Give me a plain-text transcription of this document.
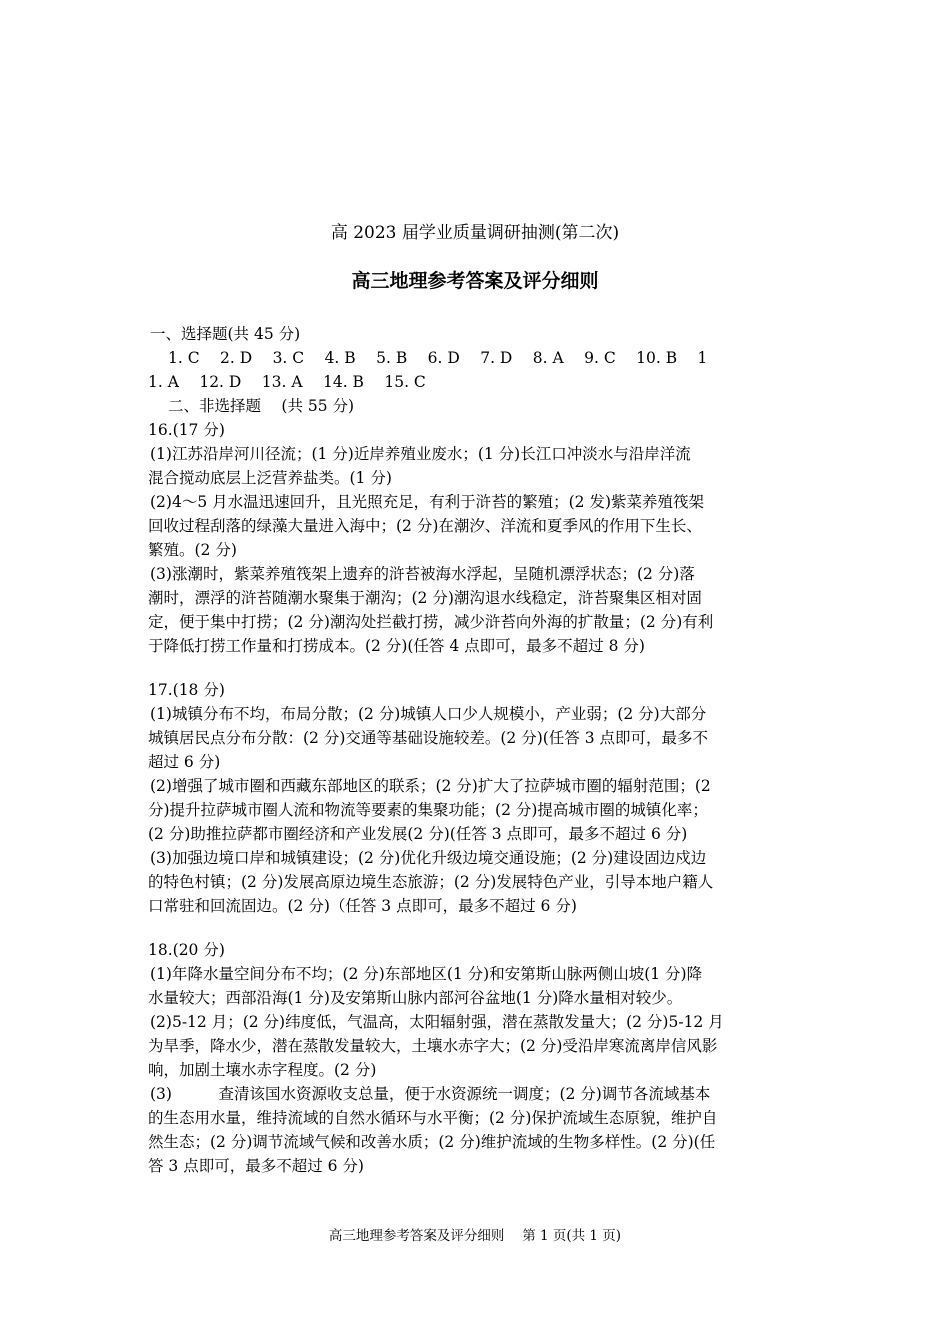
高 2023 届学业质量调研抽测(第二次)
高三地理参考答案及评分细则
一、选择题(共 45 分)
1. C　 2. D　 3. C　 4. B　 5. B　 6. D　 7. D　 8. A　 9. C　 10. B　 1
1. A　 12. D　 13. A　 14. B　 15. C
二、非选择题　 (共 55 分)
16.(17 分)
(1)江苏沿岸河川径流；(1 分)近岸养殖业废水；(1 分)长江口冲淡水与沿岸洋流
混合搅动底层上泛营养盐类。(1 分)
(2)4～5 月水温迅速回升，且光照充足，有利于浒苔的繁殖；(2 发)紫菜养殖筏架
回收过程刮落的绿藻大量进入海中；(2 分)在潮汐、洋流和夏季风的作用下生长、
繁殖。(2 分)
(3)涨潮时，紫菜养殖筏架上遗弃的浒苔被海水浮起，呈随机漂浮状态；(2 分)落
潮时，漂浮的浒苔随潮水聚集于潮沟；(2 分)潮沟退水线稳定，浒苔聚集区相对固
定，便于集中打捞；(2 分)潮沟处拦截打捞，减少浒苔向外海的扩散量；(2 分)有利
于降低打捞工作量和打捞成本。(2 分)(任答 4 点即可，最多不超过 8 分)
17.(18 分)
(1)城镇分布不均，布局分散；(2 分)城镇人口少人规模小，产业弱；(2 分)大部分
城镇居民点分布分散：(2 分)交通等基础设施较差。(2 分)(任答 3 点即可，最多不
超过 6 分)
(2)增强了城市圈和西藏东部地区的联系；(2 分)扩大了拉萨城市圈的辐射范围；(2
分)提升拉萨城市圈人流和物流等要素的集聚功能；(2 分)提高城市圈的城镇化率；
(2 分)助推拉萨都市圈经济和产业发展(2 分)(任答 3 点即可，最多不超过 6 分)
(3)加强边境口岸和城镇建设；(2 分)优化升级边境交通设施；(2 分)建设固边戍边
的特色村镇；(2 分)发展高原边境生态旅游；(2 分)发展特色产业，引导本地户籍人
口常驻和回流固边。(2 分)（任答 3 点即可，最多不超过 6 分)
18.(20 分)
(1)年降水量空间分布不均；(2 分)东部地区(1 分)和安第斯山脉两侧山坡(1 分)降
水量较大；西部沿海(1 分)及安第斯山脉内部河谷盆地(1 分)降水量相对较少。
(2)5-12 月；(2 分)纬度低，气温高，太阳辐射强，潜在蒸散发量大；(2 分)5-12 月
为旱季，降水少，潜在蒸散发量较大，土壤水赤字大；(2 分)受沿岸寒流离岸信风影
响，加剧土壤水赤字程度。(2 分)
(3)　　　查清该国水资源收支总量，便于水资源统一调度；(2 分)调节各流域基本
的生态用水量，维持流域的自然水循环与水平衡；(2 分)保护流域生态原貌，维护自
然生态；(2 分)调节流域气候和改善水质；(2 分)维护流域的生物多样性。(2 分)(任
答 3 点即可，最多不超过 6 分)
高三地理参考答案及评分细则　 第 1 页(共 1 页)
